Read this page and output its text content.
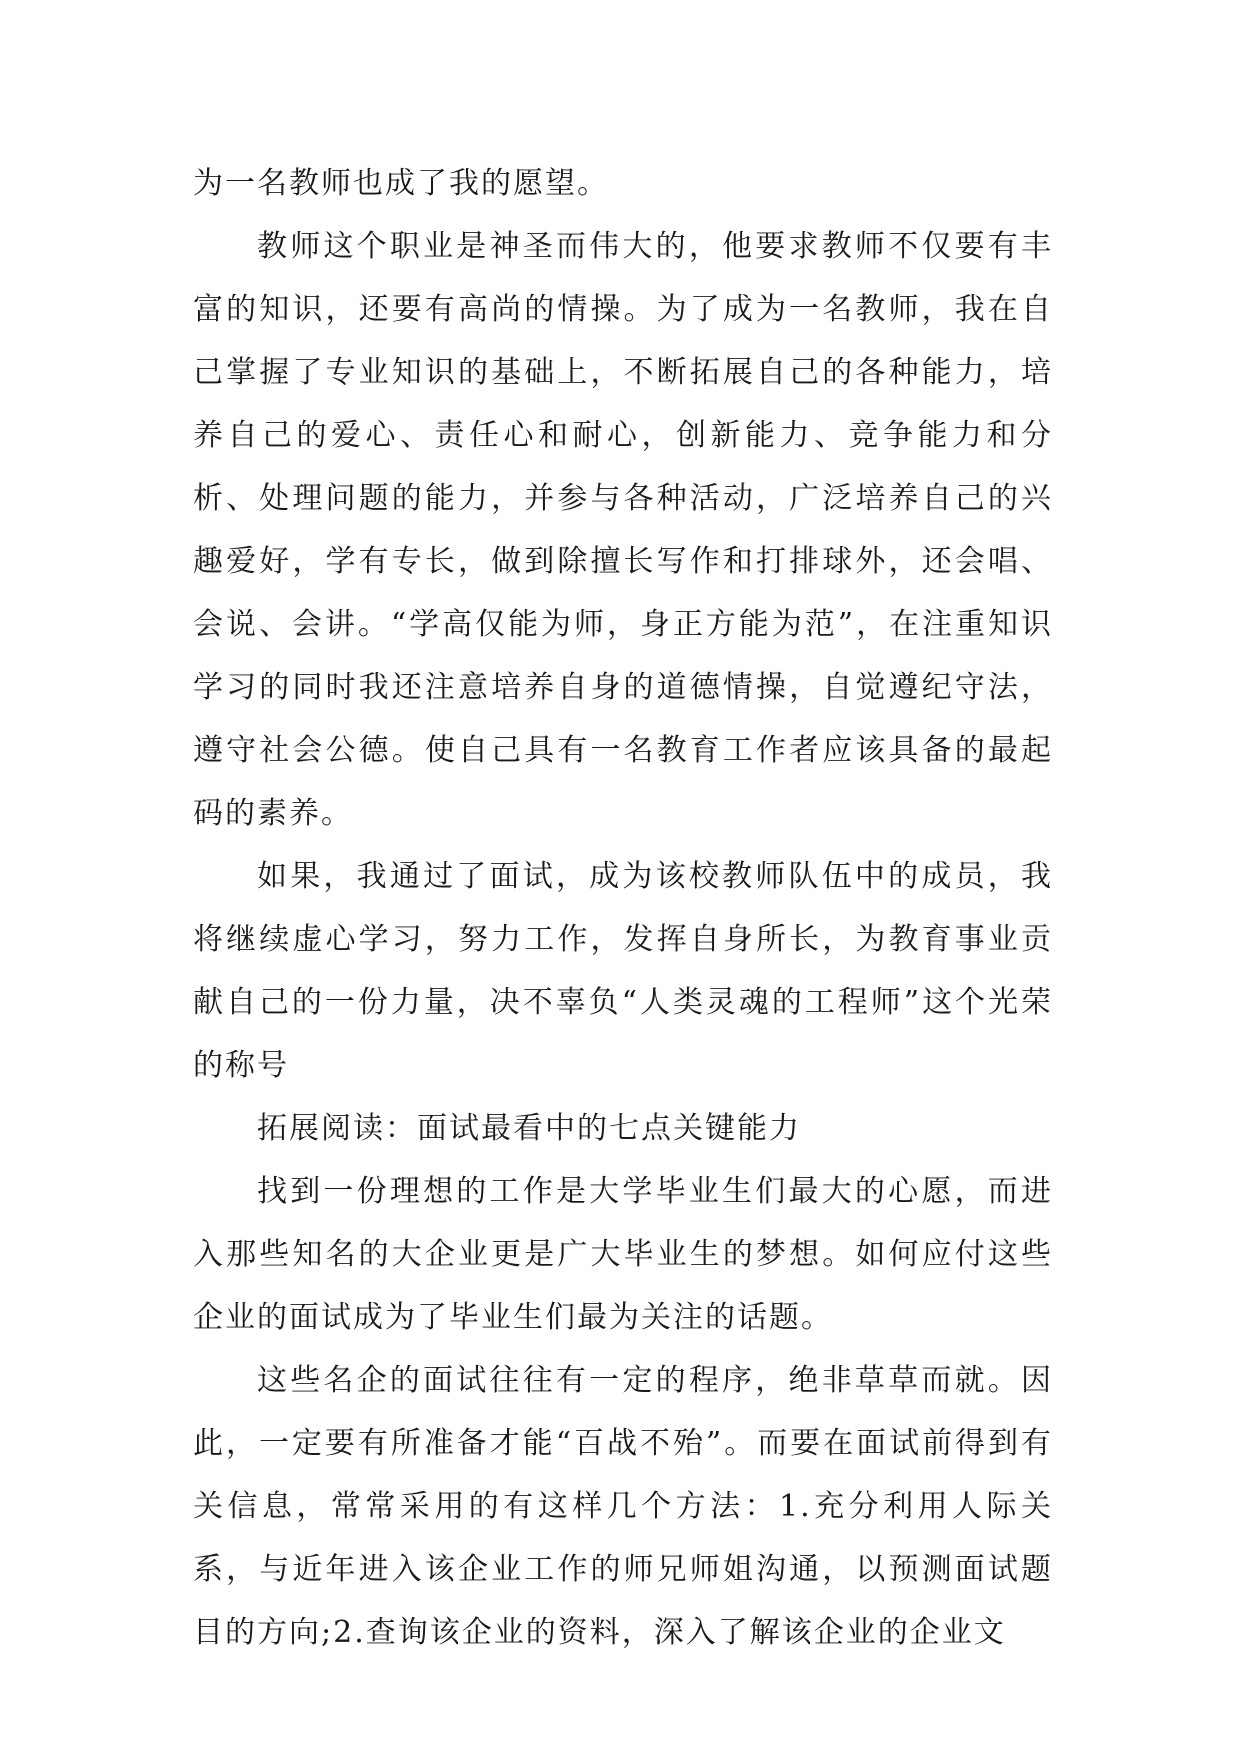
为一名教师也成了我的愿望。

教师这个职业是神圣而伟大的，他要求教师不仅要有丰富的知识，还要有高尚的情操。为了成为一名教师，我在自己掌握了专业知识的基础上，不断拓展自己的各种能力，培养自己的爱心、责任心和耐心，创新能力、竞争能力和分析、处理问题的能力，并参与各种活动，广泛培养自己的兴趣爱好，学有专长，做到除擅长写作和打排球外，还会唱、会说、会讲。“学高仅能为师，身正方能为范”，在注重知识学习的同时我还注意培养自身的道德情操，自觉遵纪守法，遵守社会公德。使自己具有一名教育工作者应该具备的最起码的素养。

如果，我通过了面试，成为该校教师队伍中的成员，我将继续虚心学习，努力工作，发挥自身所长，为教育事业贡献自己的一份力量，决不辜负“人类灵魂的工程师”这个光荣的称号

拓展阅读：面试最看中的七点关键能力

找到一份理想的工作是大学毕业生们最大的心愿，而进入那些知名的大企业更是广大毕业生的梦想。如何应付这些企业的面试成为了毕业生们最为关注的话题。

这些名企的面试往往有一定的程序，绝非草草而就。因此，一定要有所准备才能“百战不殆”。而要在面试前得到有关信息，常常采用的有这样几个方法：1.充分利用人际关系，与近年进入该企业工作的师兄师姐沟通，以预测面试题目的方向;2.查询该企业的资料，深入了解该企业的企业文
